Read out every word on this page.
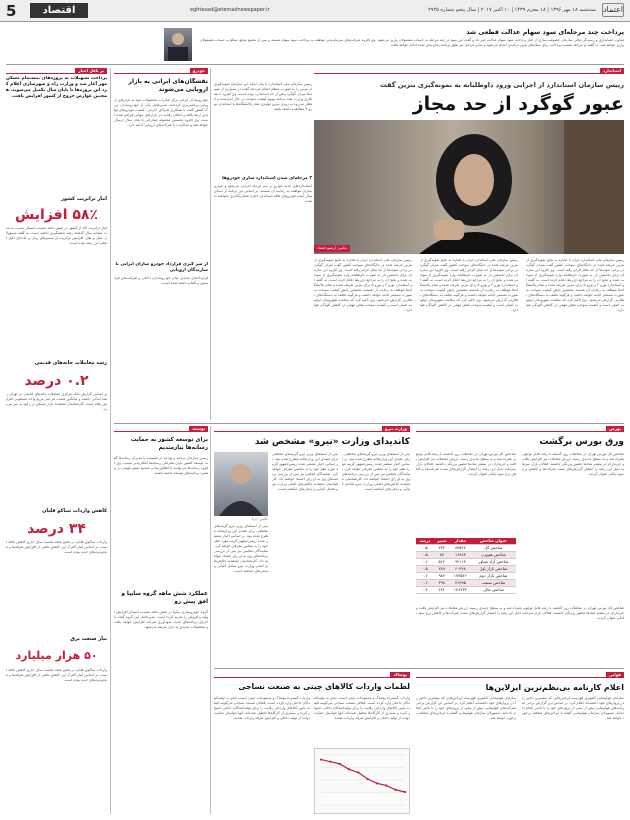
5	اقتصاد	اعتماد
سه‌شنبه ۱۸ مهر ۱۳۹۶ | ۱۸ محرم ۱۴۳۹ | ۱۰ اکتبر ۲۰۱۷ | سال پنجم شماره ۲۹۲۵
eghtesad@etemadnewspaper.ir
پرداخت چند مرحله‌ای سود سهام عدالت قطعی شد
معاون حسابداری و رسیدگی مالی سازمان خصوصی‌سازی از آغاز پرداخت سود سهام عدالت خبر داد و گفت این سود در چند مرحله به حساب مشمولان واریز می‌شود. وی افزود شرکت‌های سرمایه‌پذیر موظف به پرداخت سود سهام هستند و پس از تجمیع منابع، مبالغ به حساب مشمولان واریز خواهد شد. به گفته او مرحله نخست پرداخت برای دهک‌های پایین درآمدی انجام می‌شود و سایر مراحل نیز طبق برنامه زمان‌بندی شده ادامه خواهد یافت.
بر ناقل اخبار
پرداخت تسهیلات به پروژه‌های نیمه‌تمام مسکن مهر آغاز شد و وزارت راه و شهرسازی اعلام کرد این پروژه‌ها تا پایان سال تکمیل می‌شوند. همچنین عوارض خروج از کشور افزایش یافت.
آمار ترانزیت کشور
۵۸٪ افزایش
آمار ترانزیت کالا از کشور در شش ماهه نخست امسال نسبت به مدت مشابه سال گذشته رشد چشمگیری داشته است. به گفته مسوولان حمل و نقل، افزایش ترانزیت از مسیرهای ریلی و جاده‌ای دلیل اصلی این رشد بوده است.
رشد معاملات خانه‌های قدیمی
۰.۲ درصد
بر اساس گزارش بانک مرکزی معاملات خانه‌های قدیمی در تهران رشد اندکی داشته و میانگین قیمت هر متر مربع واحد مسکونی افزایش یافته است. کارشناسان معتقدند بازار مسکن در رکود به سر می‌برد.
کاهش واردات تنباکو قلیان
۳۴ درصد
واردات تنباکوی قلیان در شش ماهه نخست سال جاری کاهش یافته است. بر اساس آمار گمرک این کاهش ناشی از افزایش تعرفه‌ها و محدودیت‌های جدید بوده است.
نیاز صنعت برق
۵۰ هزار میلیارد
واردات تنباکوی قلیان در شش ماهه نخست سال جاری کاهش یافته است. بر اساس آمار گمرک این کاهش ناشی از افزایش تعرفه‌ها و محدودیت‌های جدید بوده است.
خودرو
نقشگان‌های ایرانی به بازار اروپایی می‌شوند
خودروسازان ایرانی برای صادرات محصولات خود به بازارهای اروپایی برنامه‌ریزی کرده‌اند. مدیرعامل یکی از خودروسازان بزرگ کشور گفت با همکاری شرکای خارجی، کیفیت خودروهای تولیدی ارتقا یافته و امکان رقابت در بازارهای جهانی فراهم شده است. وی افزود نخستین محموله صادراتی تا پایان سال ارسال خواهد شد و مذاکرات با شرکت‌های اروپایی ادامه دارد.
از سر گیری قرارداد خودرو سازان ایرانی با سازندگان اروپایی
قراردادهای جدیدی میان خودروسازان داخلی و شرکت‌های فرانسوی و آلمانی امضا شده است.
رییس سازمان ملی استاندارد با بیان اینکه این سازمان نمونه‌گیری از بنزین را به صورت منظم انجام می‌دهد گفت در بسیاری از نمونه‌ها میزان گوگرد بیش از حد استاندارد بوده است. وی افزود با همکاری وزارت نفت برنامه بهبود کیفیت سوخت در حال اجراست و انتظار می‌رود به زودی بنزین تولیدی تمام پالایشگاه‌ها با استاندارد یورو ۴ مطابقت داشته باشد.
۳ مرحله‌ای شدن استاندارد سازی خودروها
استانداردهای جدید خودرو در سه مرحله اجرایی می‌شود و خودروسازان موظف به رعایت آن هستند. بر اساس این برنامه از ابتدای سال آینده خودروهای فاقد استاندارد اجازه شماره‌گذاری نخواهند داشت.
استاندارد
رییس سازمان استاندارد از اجرایی ورود داوطلبانه به نمونه‌گیری بنزین گفت
عبور گوگرد از حد مجاز
عکس: آرشیو اعتماد
رییس سازمان ملی استاندارد ایران با اشاره به نتایج نمونه‌گیری از بنزین عرضه شده در جایگاه‌های سوخت کشور گفت میزان گوگرد در برخی نمونه‌ها از حد مجاز فراتر رفته است. وی افزود این سازمان برای نخستین بار به صورت داوطلبانه وارد نمونه‌گیری از سوخت شده و نتایج آن را به مراجع ذی‌ربط اعلام کرده است. به گفته او استاندارد یورو ۴ و یورو ۵ برای بنزین تعریف شده و تمام پالایشگاه‌ها موظف به رعایت آن هستند. همچنین پایش کیفیت سوخت به صورت مستمر ادامه خواهد داشت و هرگونه تخلف به دستگاه‌های نظارتی گزارش می‌شود. وی تاکید کرد که سلامت شهروندان اولویت اصلی است و کیفیت سوخت نقش مهمی در کاهش آلودگی هوا دارد.
رییس سازمان ملی استاندارد ایران با اشاره به نتایج نمونه‌گیری از بنزین عرضه شده در جایگاه‌های سوخت کشور گفت میزان گوگرد در برخی نمونه‌ها از حد مجاز فراتر رفته است. وی افزود این سازمان برای نخستین بار به صورت داوطلبانه وارد نمونه‌گیری از سوخت شده و نتایج آن را به مراجع ذی‌ربط اعلام کرده است. به گفته او استاندارد یورو ۴ و یورو ۵ برای بنزین تعریف شده و تمام پالایشگاه‌ها موظف به رعایت آن هستند. همچنین پایش کیفیت سوخت به صورت مستمر ادامه خواهد داشت و هرگونه تخلف به دستگاه‌های نظارتی گزارش می‌شود. وی تاکید کرد که سلامت شهروندان اولویت اصلی است و کیفیت سوخت نقش مهمی در کاهش آلودگی هوا دارد.
رییس سازمان ملی استاندارد ایران با اشاره به نتایج نمونه‌گیری از بنزین عرضه شده در جایگاه‌های سوخت کشور گفت میزان گوگرد در برخی نمونه‌ها از حد مجاز فراتر رفته است. وی افزود این سازمان برای نخستین بار به صورت داوطلبانه وارد نمونه‌گیری از سوخت شده و نتایج آن را به مراجع ذی‌ربط اعلام کرده است. به گفته او استاندارد یورو ۴ و یورو ۵ برای بنزین تعریف شده و تمام پالایشگاه‌ها موظف به رعایت آن هستند. همچنین پایش کیفیت سوخت به صورت مستمر ادامه خواهد داشت و هرگونه تخلف به دستگاه‌های نظارتی گزارش می‌شود. وی تاکید کرد که سلامت شهروندان اولویت اصلی است و کیفیت سوخت نقش مهمی در کاهش آلودگی هوا دارد.
توسعه
برای توسعه کشور به حمایت رسانه‌ها نیازمندیم
رییس سازمان برنامه و بودجه در نشست با مدیران رسانه‌ها گفت توسعه کشور بدون همراهی رسانه‌ها امکان‌پذیر نیست. وی افزود رسانه‌ها می‌توانند با اطلاع‌رسانی صحیح نقش مهمی در پیشبرد برنامه‌های توسعه داشته باشند.
عملکرد شش ماهه گروه سایپا و افق پیش رو
گروه خودروسازی سایپا در شش ماهه نخست امسال افزایش تولید و فروش را تجربه کرده است. مدیرعامل این گروه گفت با اجرای برنامه‌های جدید، سودآوری شرکت افزایش خواهد یافت و محصولات جدیدی به بازار عرضه می‌شود.
وزارت نیرو
کاندیدای وزارت «نیرو» مشخص شد
عکس: ایرنا
پس از استعفای وزیر نیرو گزینه‌های مختلفی برای تصدی این وزارتخانه مطرح شده بود. بر اساس اخبار منتشر شده رییس‌جمهور گزینه مورد نظر خود را به مجلس معرفی خواهد کرد. نمایندگان مجلس نیز پس از بررسی برنامه‌های وی به او رای اعتماد خواهند داد. کارشناسان معتقدند چالش‌های اصلی وزارت نیرو شامل کم‌آبی و بدهی‌های انباشته است.
پس از استعفای وزیر نیرو گزینه‌های مختلفی برای تصدی این وزارتخانه مطرح شده بود. بر اساس اخبار منتشر شده رییس‌جمهور گزینه مورد نظر خود را به مجلس معرفی خواهد کرد. نمایندگان مجلس نیز پس از بررسی برنامه‌های وی به او رای اعتماد خواهند داد. کارشناسان معتقدند چالش‌های اصلی وزارت نیرو شامل کم‌آبی و بدهی‌های انباشته است.
پس از استعفای وزیر نیرو گزینه‌های مختلفی برای تصدی این وزارتخانه مطرح شده بود. بر اساس اخبار منتشر شده رییس‌جمهور گزینه مورد نظر خود را به مجلس معرفی خواهد کرد. نمایندگان مجلس نیز پس از بررسی برنامه‌های وی به او رای اعتماد خواهند داد. کارشناسان معتقدند چالش‌های اصلی وزارت نیرو شامل کم‌آبی و بدهی‌های انباشته است.
عنوان شاخص	مقدار	تغییر	درصد
شاخص کل	۸۴۵۶۲	۴۳۲	۰.۵
شاخص هم‌وزن	۱۶۴۸۳	۸۷	۰.۵
شاخص آزاد شناور	۹۲۱۱۴	۵۱۲	۰.۶
شاخص بازار اول	۶۰۲۴۸	۲۸۹	۰.۵
شاخص بازار دوم	۱۷۳۵۲۶	۹۸۴	۰.۶
شاخص صنعت	۷۱۴۹۵	۳۹۸	۰.۶
شاخص مالی	۱۴۸۲۳۳	۶۴۲	۰.۴
بورس
ورق بورس برگشت
شاخص کل بورس تهران در معاملات روز گذشته با رشد قابل توجهی همراه شد و به سطح جدیدی رسید. ارزش معاملات نیز افزایش یافت و خریداران در بیشتر نمادها حضور پررنگی داشتند. فعالان بازار سرمایه دلیل این رشد را انتشار گزارش‌های مثبت شرکت‌ها و کاهش نرخ سود بانکی عنوان کردند.
شاخص کل بورس تهران در معاملات روز گذشته با رشد قابل توجهی همراه شد و به سطح جدیدی رسید. ارزش معاملات نیز افزایش یافت و خریداران در بیشتر نمادها حضور پررنگی داشتند. فعالان بازار سرمایه دلیل این رشد را انتشار گزارش‌های مثبت شرکت‌ها و کاهش نرخ سود بانکی عنوان کردند.
شاخص کل بورس تهران در معاملات روز گذشته با رشد قابل توجهی همراه شد و به سطح جدیدی رسید. ارزش معاملات نیز افزایش یافت و خریداران در بیشتر نمادها حضور پررنگی داشتند. فعالان بازار سرمایه دلیل این رشد را انتشار گزارش‌های مثبت شرکت‌ها و کاهش نرخ سود بانکی عنوان کردند.
پوشاک
لطمات واردات کالاهای چینی به صنعت نساجی
واردات گسترده پوشاک و منسوجات چینی آسیب جدی به تولیدکنندگان داخلی وارد کرده است. فعالان صنعت نساجی می‌گویند قیمت پایین کالاهای وارداتی رقابت را برای تولیدکنندگان داخلی دشوار کرده و بسیاری از کارگاه‌ها تعطیل شده‌اند. آنها خواستار حمایت دولت از تولید داخلی و افزایش تعرفه واردات شدند.
واردات گسترده پوشاک و منسوجات چینی آسیب جدی به تولیدکنندگان داخلی وارد کرده است. فعالان صنعت نساجی می‌گویند قیمت پایین کالاهای وارداتی رقابت را برای تولیدکنندگان داخلی دشوار کرده و بسیاری از کارگاه‌ها تعطیل شده‌اند. آنها خواستار حمایت دولت از تولید داخلی و افزایش تعرفه واردات شدند.
هوایی
اعلام کارنامه بی‌نظم‌ترین ایرلاین‌ها
سازمان هواپیمایی کشوری فهرست ایرلاین‌هایی که بیشترین تاخیر را در پروازهای خود داشته‌اند اعلام کرد. بر اساس این گزارش برخی شرکت‌های هواپیمایی بیش از نیمی از پروازهای خود را با تاخیر انجام داده‌اند. مسوولان سازمان هواپیمایی گفتند با ایرلاین‌های متخلف برخورد خواهد شد.
سازمان هواپیمایی کشوری فهرست ایرلاین‌هایی که بیشترین تاخیر را در پروازهای خود داشته‌اند اعلام کرد. بر اساس این گزارش برخی شرکت‌های هواپیمایی بیش از نیمی از پروازهای خود را با تاخیر انجام داده‌اند. مسوولان سازمان هواپیمایی گفتند با ایرلاین‌های متخلف برخورد خواهد شد.
